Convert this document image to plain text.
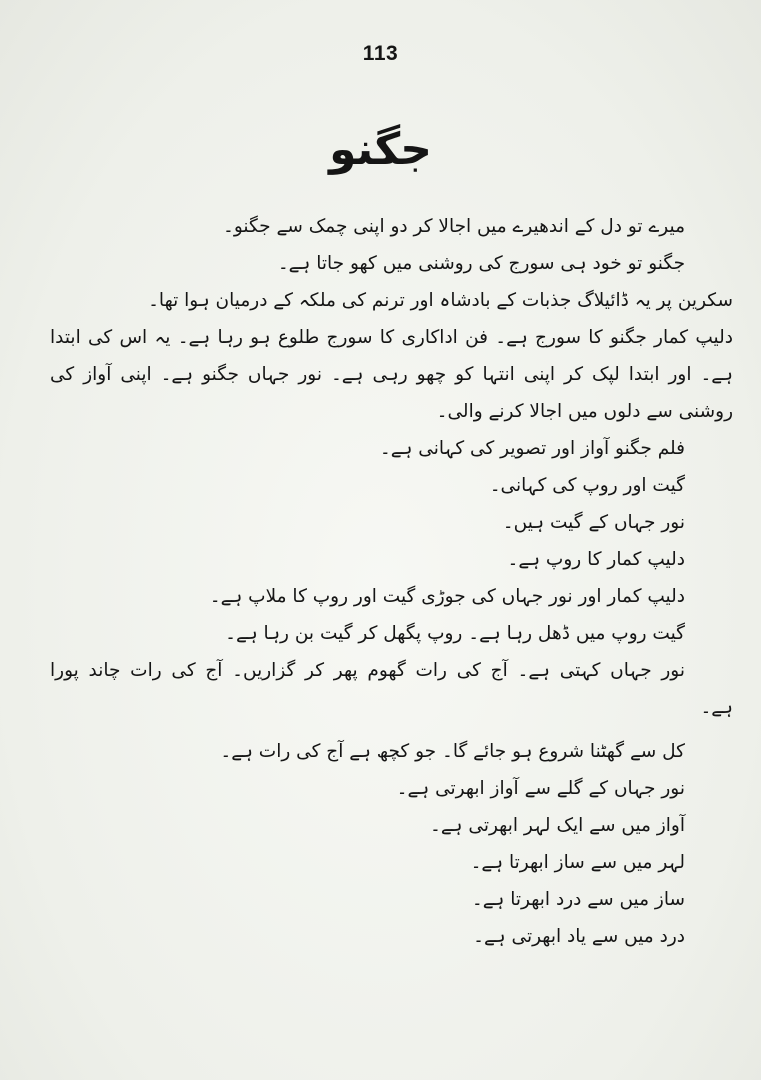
113
جگنو
میرے تو دل کے اندھیرے میں اجالا کر دو اپنی چمک سے جگنو۔
جگنو تو خود ہی سورج کی روشنی میں کھو جاتا ہے۔
سکرین پر یہ ڈائیلاگ جذبات کے بادشاہ اور ترنم کی ملکہ کے درمیان ہوا تھا۔
دلیپ کمار جگنو کا سورج ہے۔ فن اداکاری کا سورج طلوع ہو رہا ہے۔ یہ اس کی ابتدا
ہے۔ اور ابتدا لپک کر اپنی انتہا کو چھو رہی ہے۔ نور جہاں جگنو ہے۔ اپنی آواز کی
روشنی سے دلوں میں اجالا کرنے والی۔
فلم جگنو آواز اور تصویر کی کہانی ہے۔
گیت اور روپ کی کہانی۔
نور جہاں کے گیت ہیں۔
دلیپ کمار کا روپ ہے۔
دلیپ کمار اور نور جہاں کی جوڑی گیت اور روپ کا ملاپ ہے۔
گیت روپ میں ڈھل رہا ہے۔ روپ پگھل کر گیت بن رہا ہے۔
نور جہاں کہتی ہے۔ آج کی رات گھوم پھر کر گزاریں۔ آج کی رات چاند پورا
ہے۔
کل سے گھٹنا شروع ہو جائے گا۔ جو کچھ ہے آج کی رات ہے۔
نور جہاں کے گلے سے آواز ابھرتی ہے۔
آواز میں سے ایک لہر ابھرتی ہے۔
لہر میں سے ساز ابھرتا ہے۔
ساز میں سے درد ابھرتا ہے۔
درد میں سے یاد ابھرتی ہے۔
